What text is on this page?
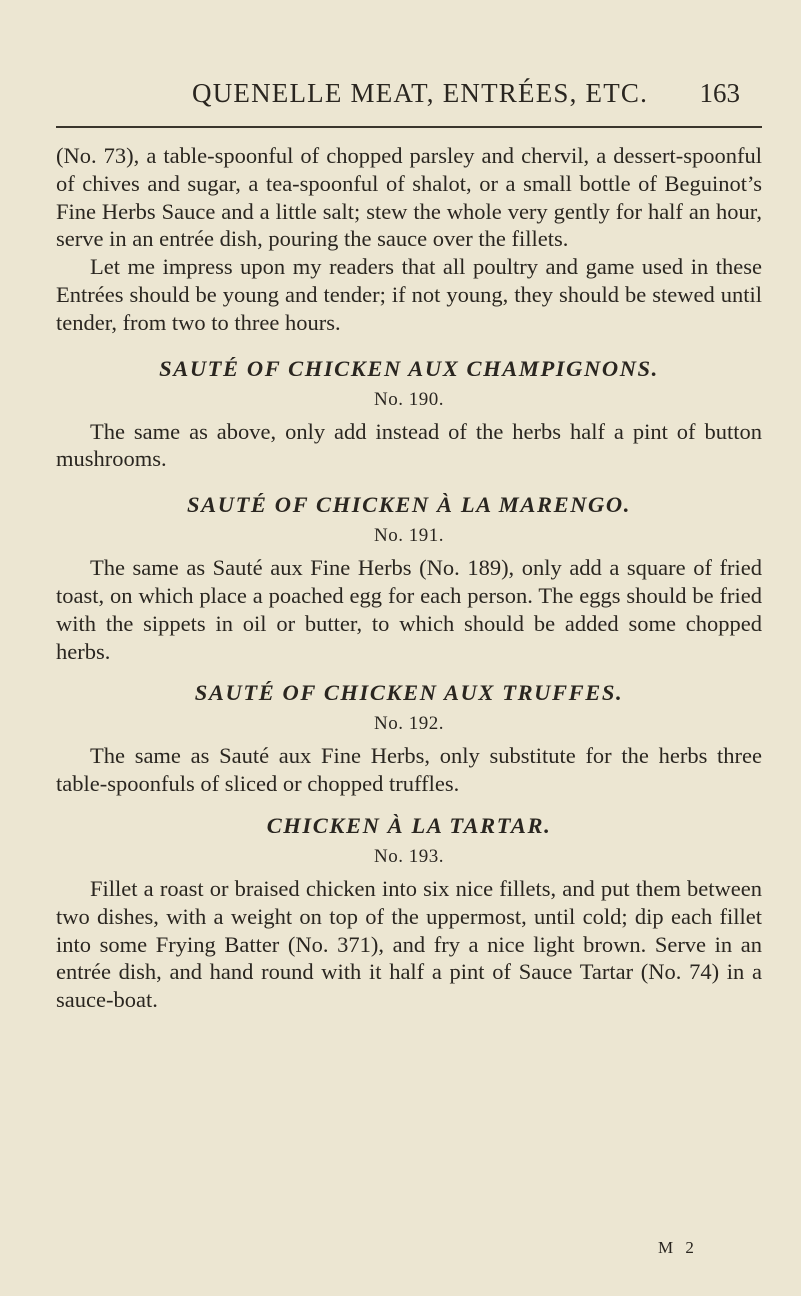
QUENELLE MEAT, ENTRÉES, ETC. 163

(No. 73), a table-spoonful of chopped parsley and chervil, a dessert-spoonful of chives and sugar, a tea-spoonful of shalot, or a small bottle of Beguinot’s Fine Herbs Sauce and a little salt; stew the whole very gently for half an hour, serve in an entrée dish, pouring the sauce over the fillets.

Let me impress upon my readers that all poultry and game used in these Entrées should be young and tender; if not young, they should be stewed until tender, from two to three hours.

SAUTÉ OF CHICKEN AUX CHAMPIGNONS.

No. 190.

The same as above, only add instead of the herbs half a pint of button mushrooms.

SAUTÉ OF CHICKEN À LA MARENGO.

No. 191.

The same as Sauté aux Fine Herbs (No. 189), only add a square of fried toast, on which place a poached egg for each person. The eggs should be fried with the sippets in oil or butter, to which should be added some chopped herbs.

SAUTÉ OF CHICKEN AUX TRUFFES.

No. 192.

The same as Sauté aux Fine Herbs, only substitute for the herbs three table-spoonfuls of sliced or chopped truffles.

CHICKEN À LA TARTAR.

No. 193.

Fillet a roast or braised chicken into six nice fillets, and put them between two dishes, with a weight on top of the uppermost, until cold; dip each fillet into some Frying Batter (No. 371), and fry a nice light brown. Serve in an entrée dish, and hand round with it half a pint of Sauce Tartar (No. 74) in a sauce-boat.

M 2
